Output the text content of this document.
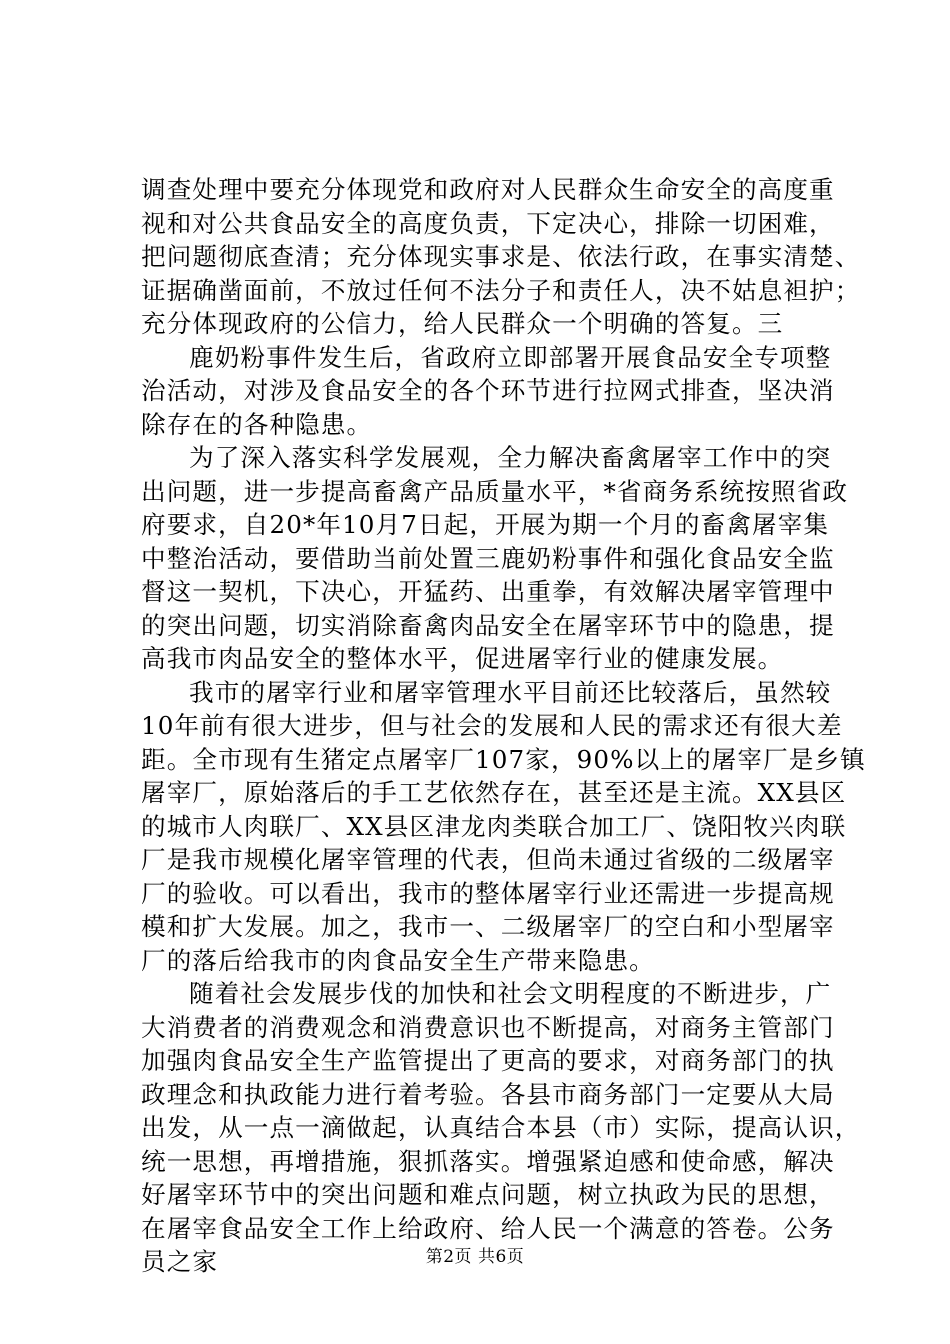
调查处理中要充分体现党和政府对人民群众生命安全的高度重
视和对公共食品安全的高度负责，下定决心，排除一切困难，
把问题彻底查清；充分体现实事求是、依法行政，在事实清楚、
证据确凿面前，不放过任何不法分子和责任人，决不姑息袒护；
充分体现政府的公信力，给人民群众一个明确的答复。三
鹿奶粉事件发生后，省政府立即部署开展食品安全专项整
治活动，对涉及食品安全的各个环节进行拉网式排查，坚决消
除存在的各种隐患。
为了深入落实科学发展观，全力解决畜禽屠宰工作中的突
出问题，进一步提高畜禽产品质量水平，*省商务系统按照省政
府要求，自20*年10月7日起，开展为期一个月的畜禽屠宰集
中整治活动，要借助当前处置三鹿奶粉事件和强化食品安全监
督这一契机，下决心，开猛药、出重拳，有效解决屠宰管理中
的突出问题，切实消除畜禽肉品安全在屠宰环节中的隐患，提
高我市肉品安全的整体水平，促进屠宰行业的健康发展。
我市的屠宰行业和屠宰管理水平目前还比较落后，虽然较
10年前有很大进步，但与社会的发展和人民的需求还有很大差
距。全市现有生猪定点屠宰厂107家，90%以上的屠宰厂是乡镇
屠宰厂，原始落后的手工艺依然存在，甚至还是主流。XX县区
的城市人肉联厂、XX县区津龙肉类联合加工厂、饶阳牧兴肉联
厂是我市规模化屠宰管理的代表，但尚未通过省级的二级屠宰
厂的验收。可以看出，我市的整体屠宰行业还需进一步提高规
模和扩大发展。加之，我市一、二级屠宰厂的空白和小型屠宰
厂的落后给我市的肉食品安全生产带来隐患。
随着社会发展步伐的加快和社会文明程度的不断进步，广
大消费者的消费观念和消费意识也不断提高，对商务主管部门
加强肉食品安全生产监管提出了更高的要求，对商务部门的执
政理念和执政能力进行着考验。各县市商务部门一定要从大局
出发，从一点一滴做起，认真结合本县（市）实际，提高认识，
统一思想，再增措施，狠抓落实。增强紧迫感和使命感，解决
好屠宰环节中的突出问题和难点问题，树立执政为民的思想，
在屠宰食品安全工作上给政府、给人民一个满意的答卷。公务
员之家	第2页 共6页
